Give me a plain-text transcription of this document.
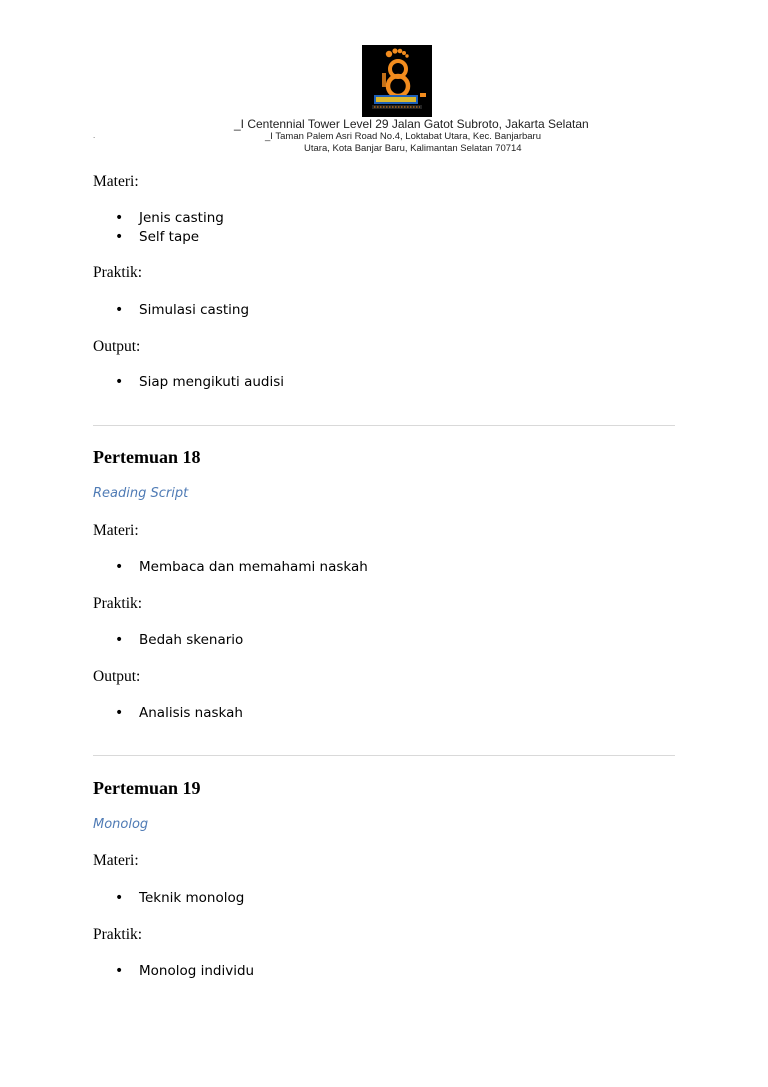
_I Centennial Tower Level 29 Jalan Gatot Subroto, Jakarta Selatan
.	_I Taman Palem Asri Road No.4, Loktabat Utara, Kec. Banjarbaru
Utara, Kota Banjar Baru, Kalimantan Selatan 70714
Materi:
• Jenis casting
• Self tape
Praktik:
• Simulasi casting
Output:
• Siap mengikuti audisi
Pertemuan 18
Reading Script
Materi:
• Membaca dan memahami naskah
Praktik:
• Bedah skenario
Output:
• Analisis naskah
Pertemuan 19
Monolog
Materi:
• Teknik monolog
Praktik:
• Monolog individu
